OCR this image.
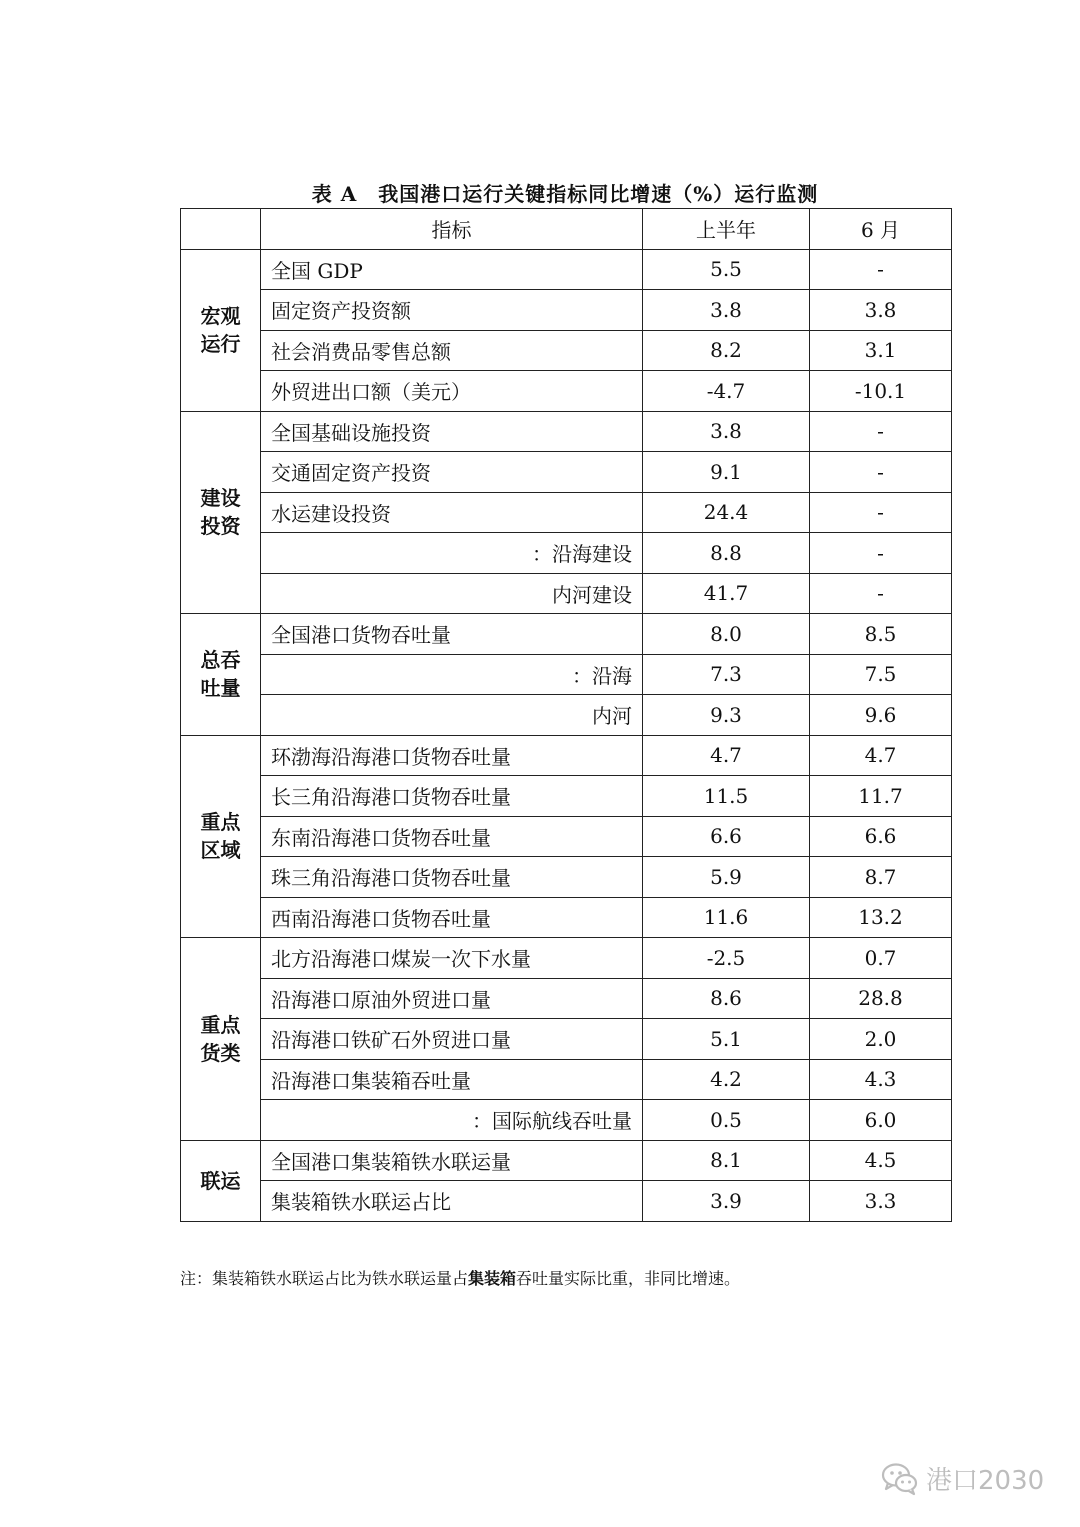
表 A　我国港口运行关键指标同比增速（%）运行监测
	指标	上半年	6 月

宏观
运行	全国 GDP	5.5	-
	固定资产投资额	3.8	3.8
	社会消费品零售总额	8.2	3.1
	外贸进出口额（美元）	-4.7	-10.1

建设
投资	全国基础设施投资	3.8	-
	交通固定资产投资	9.1	-
	水运建设投资	24.4	-
	：沿海建设	8.8	-
	内河建设	41.7	-

总吞
吐量	全国港口货物吞吐量	8.0	8.5
	：沿海	7.3	7.5
	内河	9.3	9.6

重点
区域	环渤海沿海港口货物吞吐量	4.7	4.7
	长三角沿海港口货物吞吐量	11.5	11.7
	东南沿海港口货物吞吐量	6.6	6.6
	珠三角沿海港口货物吞吐量	5.9	8.7
	西南沿海港口货物吞吐量	11.6	13.2

重点
货类	北方沿海港口煤炭一次下水量	-2.5	0.7
	沿海港口原油外贸进口量	8.6	28.8
	沿海港口铁矿石外贸进口量	5.1	2.0
	沿海港口集装箱吞吐量	4.2	4.3
	：国际航线吞吐量	0.5	6.0

联运	全国港口集装箱铁水联运量	8.1	4.5
	集装箱铁水联运占比	3.9	3.3
注：集装箱铁水联运占比为铁水联运量占集装箱吞吐量实际比重，非同比增速。
港口2030
